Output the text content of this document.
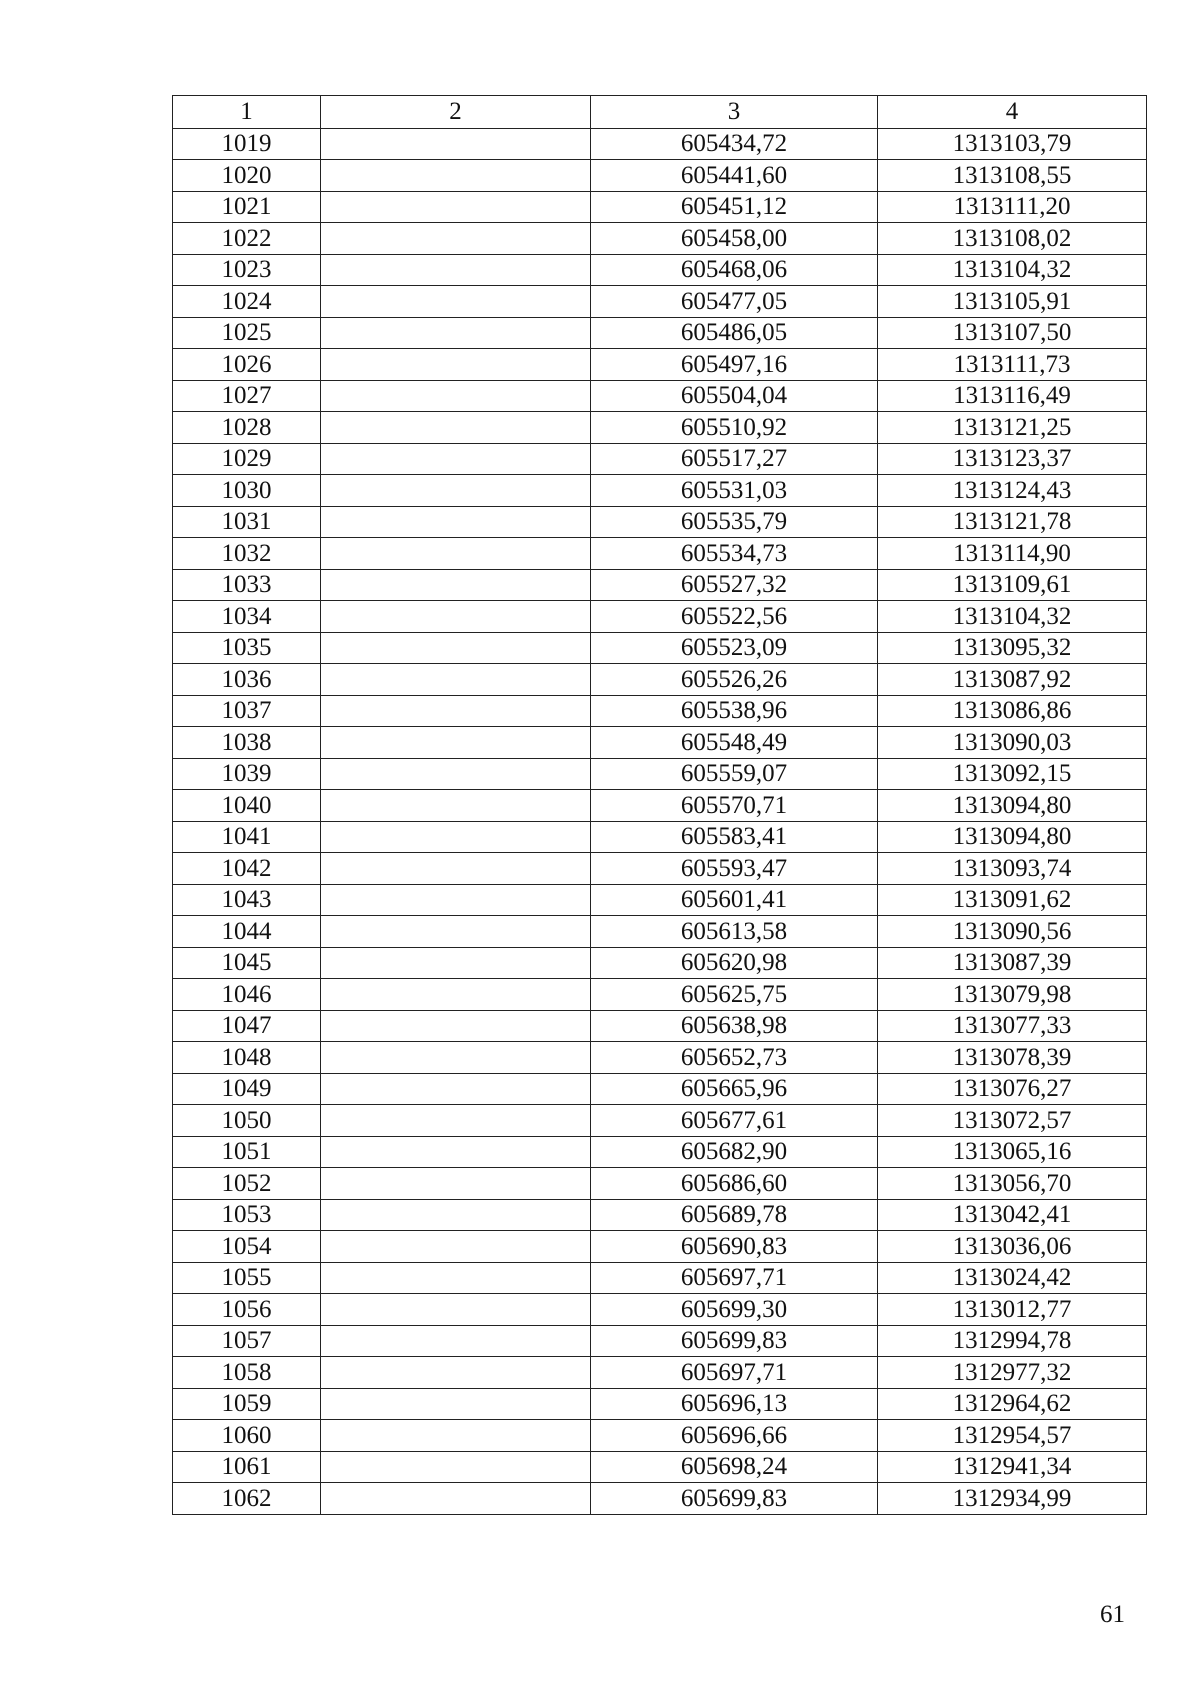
1	2	3	4
1019		605434,72	1313103,79
1020		605441,60	1313108,55
1021		605451,12	1313111,20
1022		605458,00	1313108,02
1023		605468,06	1313104,32
1024		605477,05	1313105,91
1025		605486,05	1313107,50
1026		605497,16	1313111,73
1027		605504,04	1313116,49
1028		605510,92	1313121,25
1029		605517,27	1313123,37
1030		605531,03	1313124,43
1031		605535,79	1313121,78
1032		605534,73	1313114,90
1033		605527,32	1313109,61
1034		605522,56	1313104,32
1035		605523,09	1313095,32
1036		605526,26	1313087,92
1037		605538,96	1313086,86
1038		605548,49	1313090,03
1039		605559,07	1313092,15
1040		605570,71	1313094,80
1041		605583,41	1313094,80
1042		605593,47	1313093,74
1043		605601,41	1313091,62
1044		605613,58	1313090,56
1045		605620,98	1313087,39
1046		605625,75	1313079,98
1047		605638,98	1313077,33
1048		605652,73	1313078,39
1049		605665,96	1313076,27
1050		605677,61	1313072,57
1051		605682,90	1313065,16
1052		605686,60	1313056,70
1053		605689,78	1313042,41
1054		605690,83	1313036,06
1055		605697,71	1313024,42
1056		605699,30	1313012,77
1057		605699,83	1312994,78
1058		605697,71	1312977,32
1059		605696,13	1312964,62
1060		605696,66	1312954,57
1061		605698,24	1312941,34
1062		605699,83	1312934,99
61
